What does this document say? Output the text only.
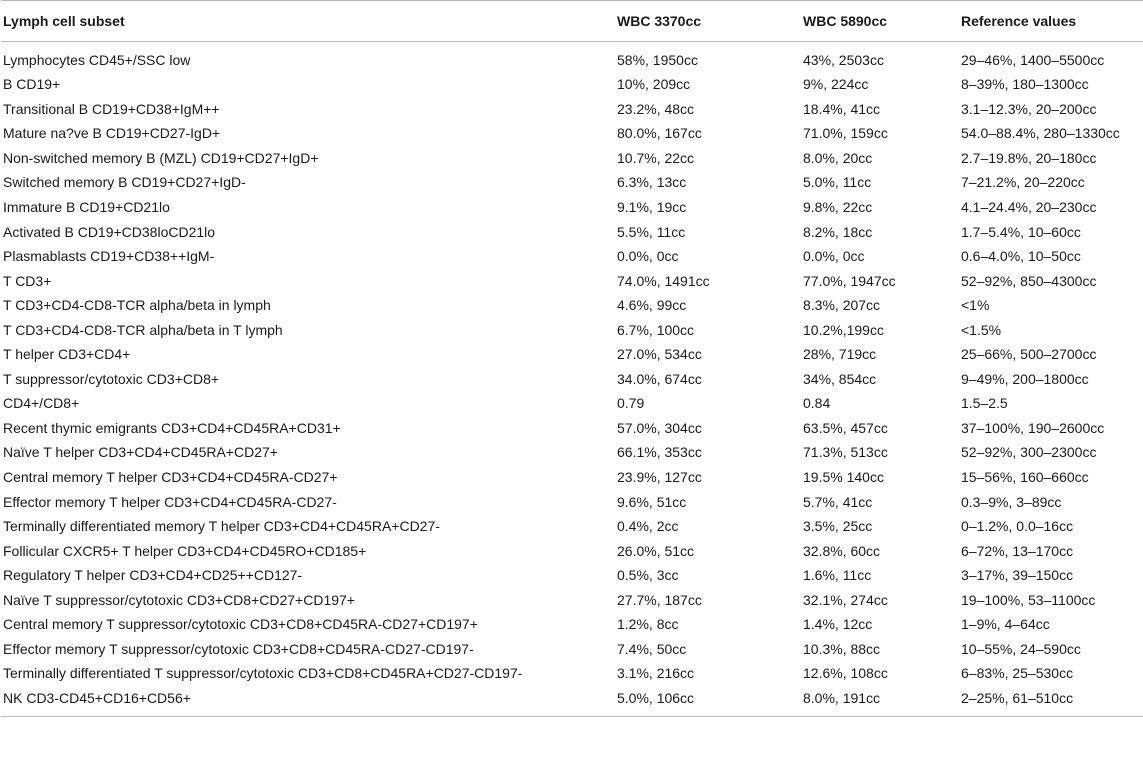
Lymph cell subset	WBC 3370cc	WBC 5890cc	Reference values
Lymphocytes CD45+/SSC low	58%, 1950cc	43%, 2503cc	29–46%, 1400–5500cc
B CD19+	10%, 209cc	9%, 224cc	8–39%, 180–1300cc
Transitional B CD19+CD38+IgM++	23.2%, 48cc	18.4%, 41cc	3.1–12.3%, 20–200cc
Mature na?ve B CD19+CD27-IgD+	80.0%, 167cc	71.0%, 159cc	54.0–88.4%, 280–1330cc
Non-switched memory B (MZL) CD19+CD27+IgD+	10.7%, 22cc	8.0%, 20cc	2.7–19.8%, 20–180cc
Switched memory B CD19+CD27+IgD-	6.3%, 13cc	5.0%, 11cc	7–21.2%, 20–220cc
Immature B CD19+CD21lo	9.1%, 19cc	9.8%, 22cc	4.1–24.4%, 20–230cc
Activated B CD19+CD38loCD21lo	5.5%, 11cc	8.2%, 18cc	1.7–5.4%, 10–60cc
Plasmablasts CD19+CD38++IgM-	0.0%, 0cc	0.0%, 0cc	0.6–4.0%, 10–50cc
T CD3+	74.0%, 1491cc	77.0%, 1947cc	52–92%, 850–4300cc
T CD3+CD4-CD8-TCR alpha/beta in lymph	4.6%, 99cc	8.3%, 207cc	<1%
T CD3+CD4-CD8-TCR alpha/beta in T lymph	6.7%, 100cc	10.2%,199cc	<1.5%
T helper CD3+CD4+	27.0%, 534cc	28%, 719cc	25–66%, 500–2700cc
T suppressor/cytotoxic CD3+CD8+	34.0%, 674cc	34%, 854cc	9–49%, 200–1800cc
CD4+/CD8+	0.79	0.84	1.5–2.5
Recent thymic emigrants CD3+CD4+CD45RA+CD31+	57.0%, 304cc	63.5%, 457cc	37–100%, 190–2600cc
Naïve T helper CD3+CD4+CD45RA+CD27+	66.1%, 353cc	71.3%, 513cc	52–92%, 300–2300cc
Central memory T helper CD3+CD4+CD45RA-CD27+	23.9%, 127cc	19.5% 140cc	15–56%, 160–660cc
Effector memory T helper CD3+CD4+CD45RA-CD27-	9.6%, 51cc	5.7%, 41cc	0.3–9%, 3–89cc
Terminally differentiated memory T helper CD3+CD4+CD45RA+CD27-	0.4%, 2cc	3.5%, 25cc	0–1.2%, 0.0–16cc
Follicular CXCR5+ T helper CD3+CD4+CD45RO+CD185+	26.0%, 51cc	32.8%, 60cc	6–72%, 13–170cc
Regulatory T helper CD3+CD4+CD25++CD127-	0.5%, 3cc	1.6%, 11cc	3–17%, 39–150cc
Naïve T suppressor/cytotoxic CD3+CD8+CD27+CD197+	27.7%, 187cc	32.1%, 274cc	19–100%, 53–1100cc
Central memory T suppressor/cytotoxic CD3+CD8+CD45RA-CD27+CD197+	1.2%, 8cc	1.4%, 12cc	1–9%, 4–64cc
Effector memory T suppressor/cytotoxic CD3+CD8+CD45RA-CD27-CD197-	7.4%, 50cc	10.3%, 88cc	10–55%, 24–590cc
Terminally differentiated T suppressor/cytotoxic CD3+CD8+CD45RA+CD27-CD197-	3.1%, 216cc	12.6%, 108cc	6–83%, 25–530cc
NK CD3-CD45+CD16+CD56+	5.0%, 106cc	8.0%, 191cc	2–25%, 61–510cc
